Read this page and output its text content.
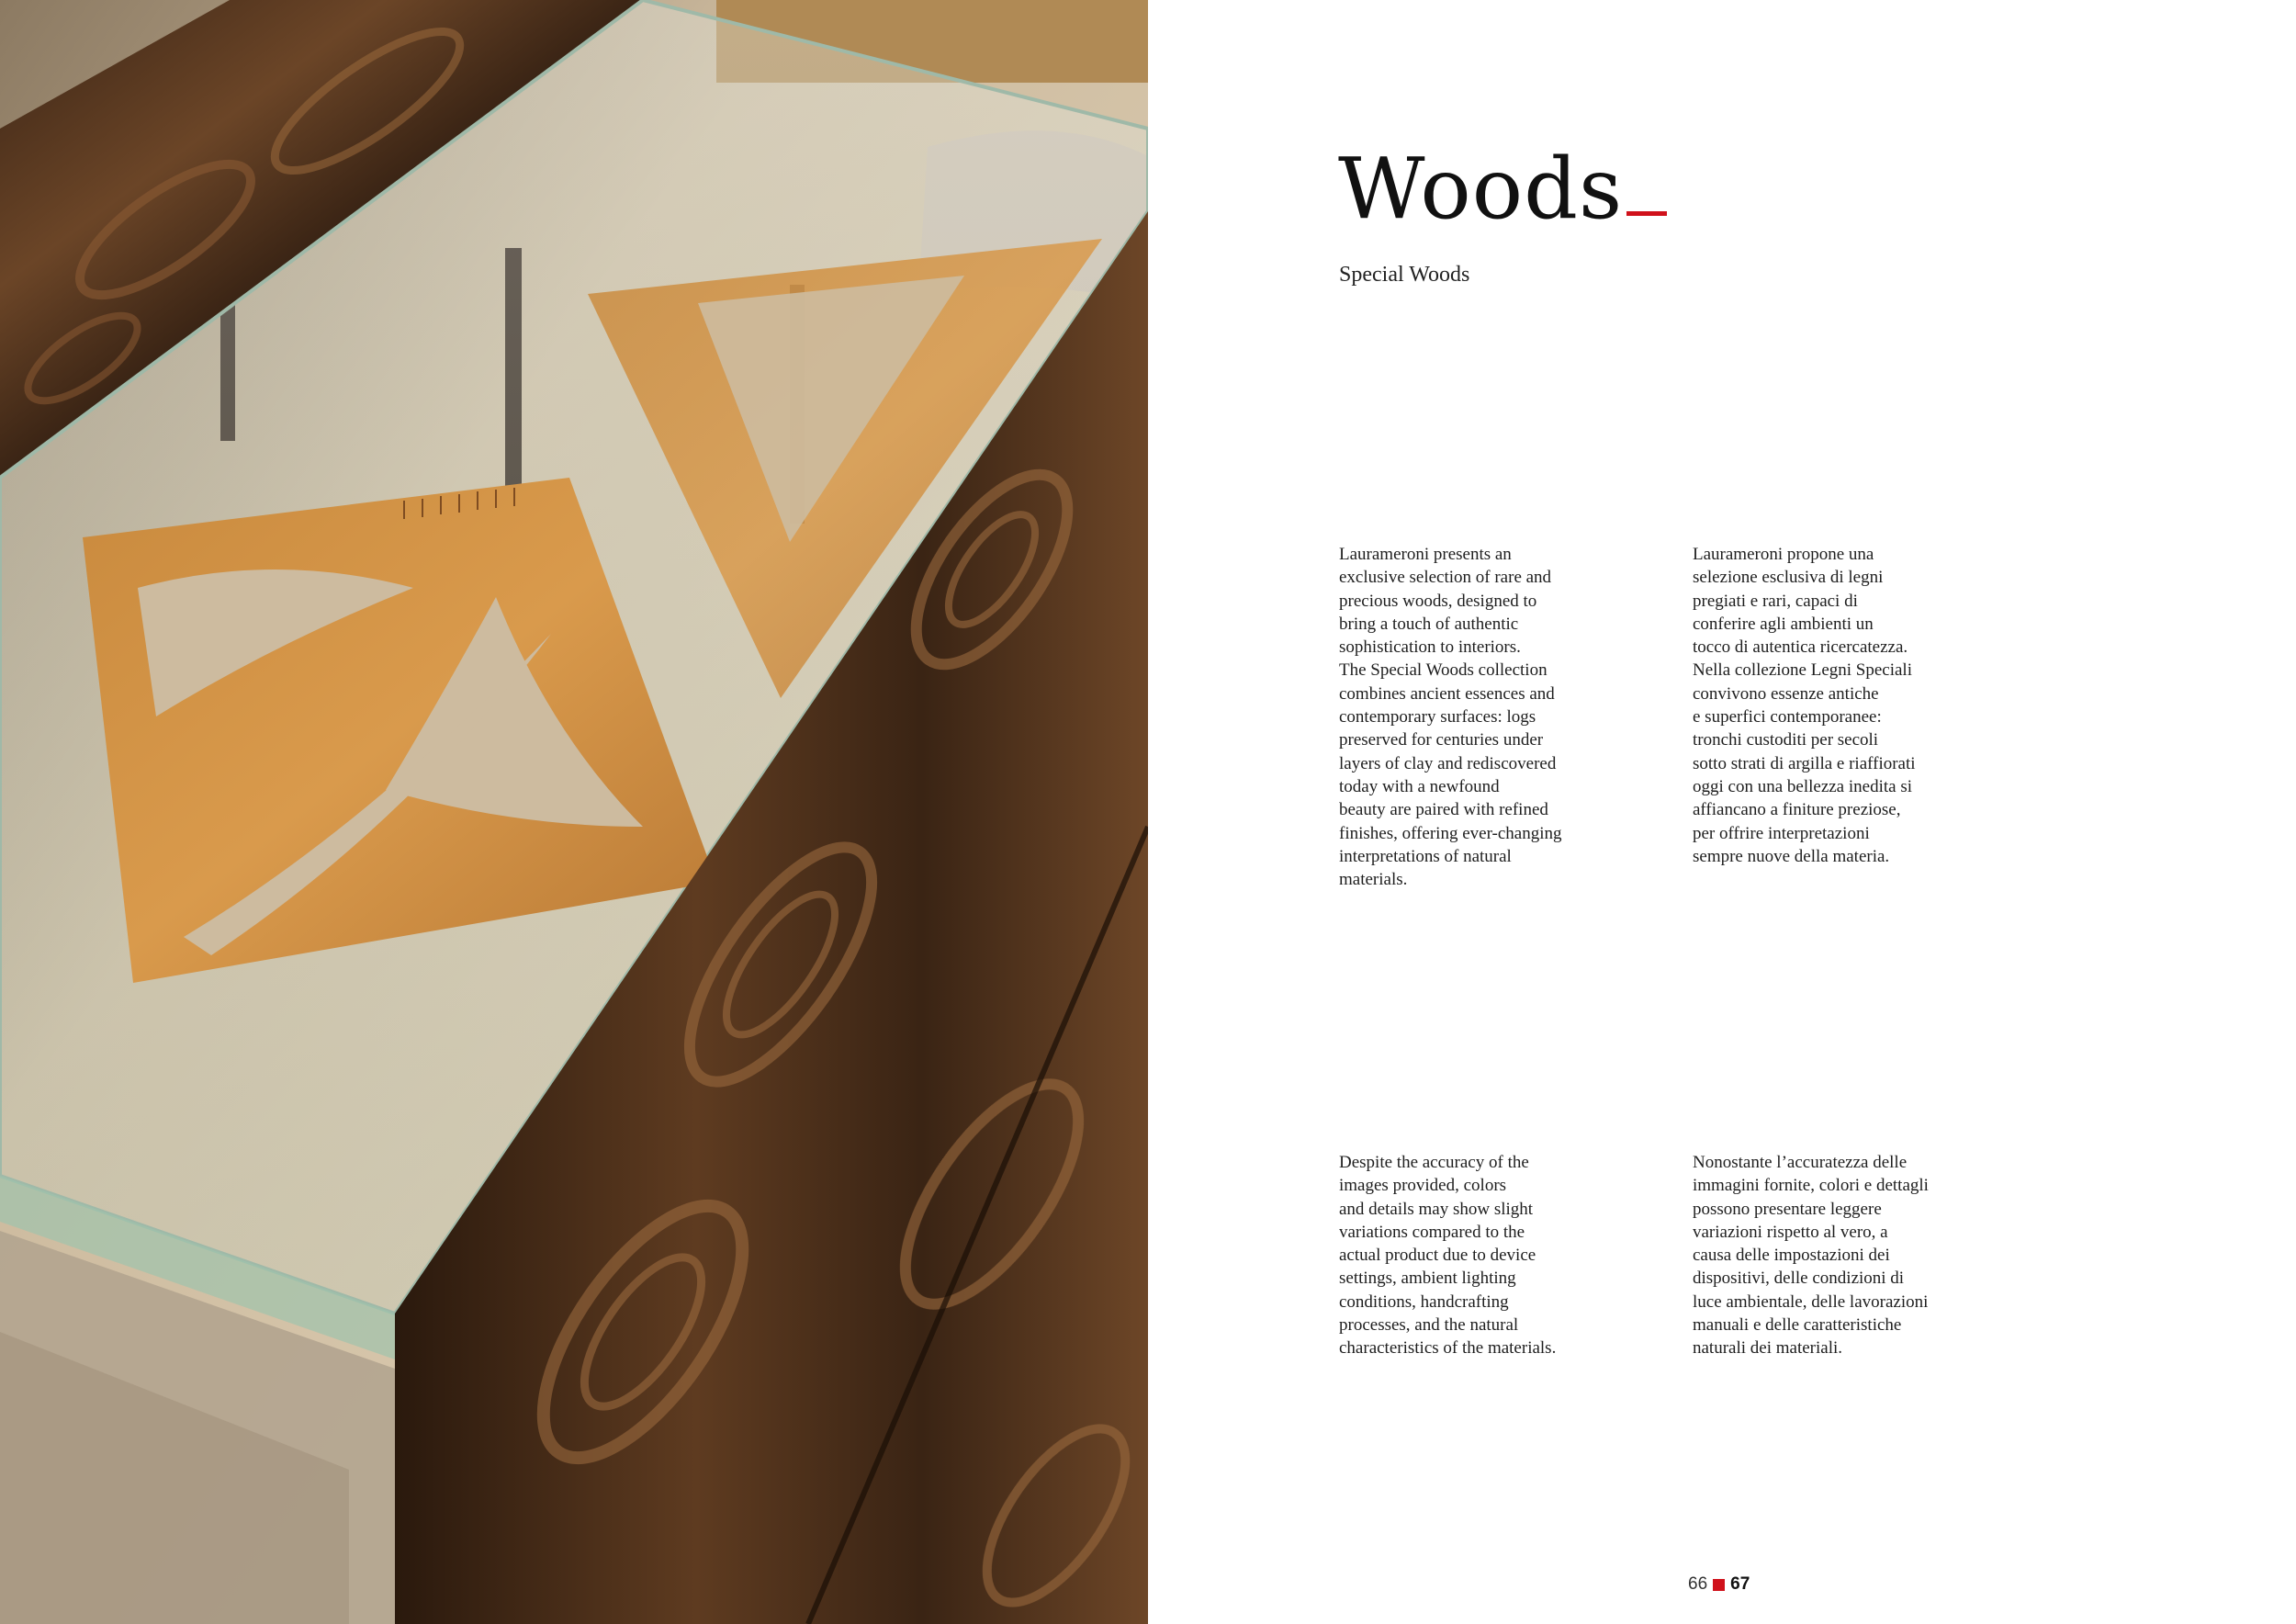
Woods
Special Woods

Laurameroni presents an
exclusive selection of rare and
precious woods, designed to
bring a touch of authentic
sophistication to interiors.
The Special Woods collection
combines ancient essences and
contemporary surfaces: logs
preserved for centuries under
layers of clay and rediscovered
today with a newfound
beauty are paired with refined
finishes, offering ever-changing
interpretations of natural
materials.

Laurameroni propone una
selezione esclusiva di legni
pregiati e rari, capaci di
conferire agli ambienti un
tocco di autentica ricercatezza.
Nella collezione Legni Speciali
convivono essenze antiche
e superfici contemporanee:
tronchi custoditi per secoli
sotto strati di argilla e riaffiorati
oggi con una bellezza inedita si
affiancano a finiture preziose,
per offrire interpretazioni
sempre nuove della materia.

Despite the accuracy of the
images provided, colors
and details may show slight
variations compared to the
actual product due to device
settings, ambient lighting
conditions, handcrafting
processes, and the natural
characteristics of the materials.

Nonostante l’accuratezza delle
immagini fornite, colori e dettagli
possono presentare leggere
variazioni rispetto al vero, a
causa delle impostazioni dei
dispositivi, delle condizioni di
luce ambientale, delle lavorazioni
manuali e delle caratteristiche
naturali dei materiali.

66 67
